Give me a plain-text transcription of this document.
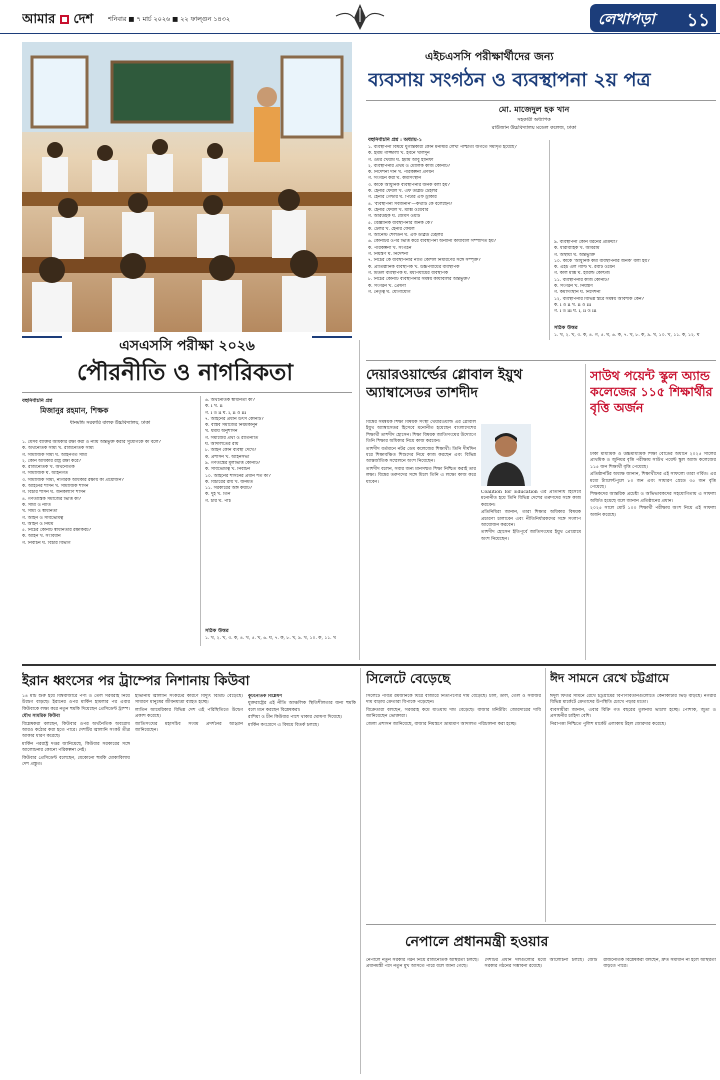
আমার দেশ	শনিবার ■ ৭ মার্চ ২০২৬ ■ ২২ ফাল্গুন ১৪৩২	লেখাপড়া ১১
এইচএসসি পরীক্ষার্থীদের জন্য
ব্যবসায় সংগঠন ও ব্যবস্থাপনা ২য় পত্র
মো. মাজেদুল হক খান
সহকারী অধ্যাপক
রাউজান উচ্চবিদ্যালয় মডেল কলেজ, ঢাকা
বহুনির্বাচনি প্রশ্ন : অধ্যায়-১
১. ব্যবস্থাপনা বিষয়ে যুগান্তকারী কোন মনীষীর লেখা পাশ্চাত্য জগতে সমাদৃত হয়েছে?
ক. ইমাম গাজ্জালী খ. ইবনে খালদুন
গ. ওমর খৈয়াম ঘ. ইমাম আবু হানিফা
২. ব্যবস্থাপনার প্রথম ও মৌলিক কাজ কোনটি?
ক. নির্দেশনা দান খ. পরিকল্পনা প্রণয়ন
গ. সংগঠন করা ঘ. কর্মীসংস্থান
৩. কাকে আধুনিক ব্যবস্থাপনার জনক বলা হয়?
ক. হেনরি ফেয়ল খ. এফ ডব্লিউ টেইলর
গ. হেনরি গেন্টার ঘ. পিটার এফ ড্রাকার
৪. 'ব্যবস্থাপনা সর্বজনীন'—কথাটি কে বলেছেন?
ক. হেনরি ফেয়ল খ. ম্যাক্স ওয়েবার
গ. আরউইক ঘ. জেমস ওয়াট
৫. বৈজ্ঞানিক ব্যবস্থাপনার জনক কে?
ক. টেলর খ. হেনরি ফেয়ল
গ. আর্নেস্ট শেলডন ঘ. এফ ডব্লিউ টেইলর
৬. কোনটির ওপর ভিত্তি করে ব্যবস্থাপনা অন্যান্য কার্যাবলি সম্পাদিত হয়?
ক. পরিকল্পনা খ. সংগঠন
গ. নিয়ন্ত্রণ ঘ. নির্দেশনা
৭. নিচের কে ব্যবস্থাপনার নীতি কৌশল নির্ধারণের সঙ্গে সম্পৃক্ত?
ক. প্রাতিষ্ঠানিক ব্যবস্থাপক খ. উচ্চপর্যায়ের ব্যবস্থাপক
গ. মিডল ব্যবস্থাপক ঘ. মধ্যপর্যায়ের ব্যবস্থাপক
৮. নিচের কোনটি ব্যবস্থাপনার সমন্বয় কার্যাবলির অন্তর্ভুক্ত?
ক. সংগঠন খ. প্রেষণা
গ. নেতৃত্ব ঘ. যোগাযোগ
৯. ব্যবস্থাপনা কোন ধরনের প্রক্রিয়া?
ক. ধারাবাহিক খ. অবিরাম
গ. অস্থায়ী ঘ. অন্তর্ভুক্তি
১০. কাকে 'আধুনিক কর্মী ব্যবস্থাপনার জনক' বলা হয়?
ক. এইচ এল গ্যান্ট খ. রবার্ট ওয়েন
গ. কার্ল মার্ক্স ঘ. হ্যারল্ড কোন্টজ
১১. ব্যবস্থাপনার কাজ কোনটি?
ক. সংগঠন খ. নিয়ন্ত্রণ
গ. কর্মীসংস্থান ঘ. নির্দেশনা
১২. ব্যবস্থাপনার বিভিন্ন স্তরে সমন্বয় আবশ্যক কেন?
ক. i ও ii খ. ii ও iii
গ. i ও iii ঘ. i, ii ও iii
সঠিক উত্তর
১. খ, ২. খ, ৩. ক, ৪. গ, ৫. ঘ, ৬. ক, ৭. খ, ৮. ক, ৯. খ, ১০. খ, ১১. ক, ১২. ঘ
এসএসসি পরীক্ষা ২০২৬
পৌরনীতি ও নাগরিকতা
বহুনির্বাচনি প্রশ্ন
মিজানুর রহমান, শিক্ষক
ধানমন্ডি সরকারি বালক উচ্চবিদ্যালয়, ঢাকা
১. যেসব ব্যক্তির অধিকার রক্ষা করা ও ন্যায় অন্তর্ভুক্ত করার সুযোগকে কী বলে?
ক. অর্থনৈতিক সাম্য খ. রাজনৈতিক সাম্য
গ. সামাজিক সাম্য ঘ. আইনগত সাম্য
২. কোন অধিকার রাষ্ট্র রক্ষা করে?
ক. রাজনৈতিক খ. অর্থনৈতিক
গ. সামাজিক ঘ. আইনগত
৩. সামাজিক সাম্য, নাগরিক অধিকার রক্ষায় কী প্রয়োজন?
ক. আইনের শাসন খ. সামাজিক শাসন
গ. বিচার শাসন ঘ. জনকল্যাণ শাসন
৪. গণতান্ত্রিক সমাজের ভিত্তি কী?
ক. সাম্য ও নীতি
খ. সাম্য ও স্বাধীনতা
গ. আইন ও সার্বভৌমত্ব
ঘ. আইন ও নিয়ম
৫. নিচের কোনটি স্বাধীনতার রক্ষাকবচ?
ক. আইন খ. সংবিধান
গ. নির্বাচন ঘ. বিচার বিভাগ
৬. অর্থনৈতিক স্বাধীনতা কী?
ক. i খ. ii
গ. i ও ii ঘ. i, ii ও iii
৭. আইনের প্রধান উৎস কোনটি?
ক. বাস্তব সমাজের নিয়মকানুন
খ. ধর্মীয় অনুশাসন
গ. সমাজের প্রথা ও রীতিনীতি
ঘ. আদালতের রায়
৮. আইন কোন ব্যবস্থা দেখে?
ক. প্রশাসন খ. আইনসভা
৯. গণতন্ত্রের মূলভিত্তি কোনটি?
ক. সার্বভৌমত্ব খ. নির্বাচন
১০. আইনের শাসনের প্রধান শর্ত কী?
ক. বিচারের রায় খ. জনমত
১১. সরকারের অঙ্গ কয়টি?
ক. দুই খ. তিন
গ. চার ঘ. পাঁচ
সঠিক উত্তর
১. খ, ২. খ, ৩. ক, ৪. খ, ৫. খ, ৬. ঘ, ৭. ক, ৮. খ, ৯. খ, ১০. ক, ১১. খ
দেয়ারওয়ার্ল্ডের গ্লোবাল ইয়ুথ অ্যাম্বাসেডর তাশদীদ

বিশ্বের সমন্বয়ক শিক্ষা বিষয়ক সংস্থা থেয়ারওয়ার্ল্ড এর গ্লোবাল ইয়ুথ অ্যাম্বাসেডর হিসেবে মনোনীত হয়েছেন বাংলাদেশের শিক্ষার্থী তাশদীদ হোসেন। শিক্ষা বিষয়ক জাতিসংঘের উদ্যোগে তিনি শিক্ষার অধিকার নিয়ে কাজ করবেন।

তাশদীদ বর্তমানে নটর ডেম কলেজের শিক্ষার্থী। তিনি দীর্ঘদিন ধরে শিক্ষাবঞ্চিত শিশুদের নিয়ে কাজ করছেন এবং বিভিন্ন আন্তর্জাতিক সম্মেলনে অংশ নিয়েছেন।

তাশদীদ বলেন, সবার জন্য মানসম্মত শিক্ষা নিশ্চিত করাই তার লক্ষ্য। বিশ্বের তরুণদের সঙ্গে মিলে তিনি এ লক্ষ্যে কাজ করে যাবেন।

Coalition for Education এর প্রতিনিধি হিসেবে মনোনীত হয়ে তিনি বিভিন্ন দেশের তরুণদের সঙ্গে কাজ করবেন।

প্রতিনিধিরা জানান, তারা শিক্ষার অধিকার বিষয়ক প্রচারণা চালাবেন এবং নীতিনির্ধারকদের সঙ্গে সংলাপ আয়োজন করবেন।

তাশদীদ হোসেন ইতিপূর্বে জাতিসংঘের ইয়ুথ প্রোগ্রামে অংশ নিয়েছেন।

সাউথ পয়েন্ট স্কুল অ্যান্ড কলেজের ১১৫ শিক্ষার্থীর বৃত্তি অর্জন

ঢাকা মাধ্যমিক ও উচ্চমাধ্যমিক শিক্ষা বোর্ডের অধীনে ২০২৫ সালের প্রাথমিক ও জুনিয়র বৃত্তি পরীক্ষায় সাউথ পয়েন্ট স্কুল অ্যান্ড কলেজের ১১৫ জন শিক্ষার্থী বৃত্তি পেয়েছে।

প্রতিষ্ঠানটির অধ্যক্ষ জানান, শিক্ষার্থীদের এই সাফল্যে তারা গর্বিত। এর মধ্যে ট্যালেন্টপুলে ৮০ জন এবং সাধারণ গ্রেডে ৩৫ জন বৃত্তি পেয়েছে।

শিক্ষকদের আন্তরিক প্রচেষ্টা ও অভিভাবকদের সহযোগিতায় এ সাফল্য অর্জিত হয়েছে বলে জানান প্রতিষ্ঠানের প্রধান।

২০২৫ সালে মোট ১০০ শিক্ষার্থী পরীক্ষায় অংশ নিয়ে এই সাফল্য অর্জন করেছে।

ইরান ধ্বংসের পর ট্রাম্পের নিশানায় কিউবা

১৪ মার্চ শুরু হয়ে বিশ্ববাজারে পণ্য ও তেল সরবরাহ নিয়ে উদ্বেগ বাড়ছে। ইরানের ওপর মার্কিন হামলার পর এবার কিউবাকে লক্ষ্য করে নতুন হুমকি দিয়েছেন প্রেসিডেন্ট ট্রাম্প।

যৌথ সামরিক কিউবা

বিশ্লেষকরা বলছেন, কিউবার ওপর অর্থনৈতিক অবরোধ আরও কঠোর করা হতে পারে। দেশটির জ্বালানি সংকট তীব্র আকার ধারণ করেছে।

মার্কিন পররাষ্ট্র দপ্তর জানিয়েছে, কিউবার সরকারের সঙ্গে আলোচনার কোনো পরিকল্পনা নেই।

কিউবার প্রেসিডেন্ট বলেছেন, যেকোনো হুমকি মোকাবিলায় দেশ প্রস্তুত।

হাভানায় জ্বালানি সংকটের কারণে বিদ্যুৎ বিভ্রাট বেড়েছে। সাধারণ মানুষের জীবনযাত্রা ব্যাহত হচ্ছে।

লাতিন আমেরিকার বিভিন্ন দেশ এই পরিস্থিতিতে উদ্বেগ প্রকাশ করেছে।

জাতিসংঘের মহাসচিব সংযম প্রদর্শনের আহ্বান জানিয়েছেন।

কূটনৈতিক বিশ্লেষণ

যুক্তরাষ্ট্রের এই নীতি আঞ্চলিক স্থিতিশীলতার জন্য হুমকি বলে মনে করছেন বিশ্লেষকরা।

রাশিয়া ও চীন কিউবার পাশে থাকার ঘোষণা দিয়েছে।

মার্কিন কংগ্রেসে এ বিষয়ে বিতর্ক চলছে।

সিলেটে বেড়েছে

সিলেটে পবিত্র রমজানকে ঘিরে বাজারে নিত্যপণ্যের দাম বেড়েছে। চাল, ডাল, তেল ও সবজির দাম বাড়ায় ক্রেতারা বিপাকে পড়েছেন।

বিক্রেতারা বলছেন, সরবরাহ কমে যাওয়ায় দাম বেড়েছে। বাজার মনিটরিং জোরদারের দাবি জানিয়েছেন ভোক্তারা।

জেলা প্রশাসন জানিয়েছে, বাজার নিয়ন্ত্রণে ভ্রাম্যমাণ আদালত পরিচালনা করা হচ্ছে।

ঈদ সামনে রেখে চট্টগ্রামে

ঈদুল ফিতর সামনে রেখে চট্টগ্রামের বিপণিবিতানগুলোতে কেনাকাটার ভিড় বাড়ছে। নগরীর বিভিন্ন মার্কেটে ক্রেতাদের উপস্থিতি চোখে পড়ার মতো।

ব্যবসায়ীরা জানান, এবার বিক্রি গত বছরের তুলনায় ভালো হচ্ছে। পোশাক, জুতা ও প্রসাধনীর চাহিদা বেশি।

নিরাপত্তা নিশ্চিতে পুলিশ মার্কেট এলাকায় টহল জোরদার করেছে।

নেপালে প্রধানমন্ত্রী হওয়ার

নেপালে নতুন সরকার গঠন নিয়ে রাজনৈতিক অস্থিরতা চলছে। প্রধানমন্ত্রী পদে নতুন মুখ আসতে পারে বলে জানা গেছে।

দেশটির প্রধান দলগুলোর মধ্যে আলোচনা চলছে। জোট সরকার গঠনের সম্ভাবনা রয়েছে।

রাজনৈতিক বিশ্লেষকরা বলছেন, দ্রুত সমাধান না হলে অস্থিরতা বাড়তে পারে।
